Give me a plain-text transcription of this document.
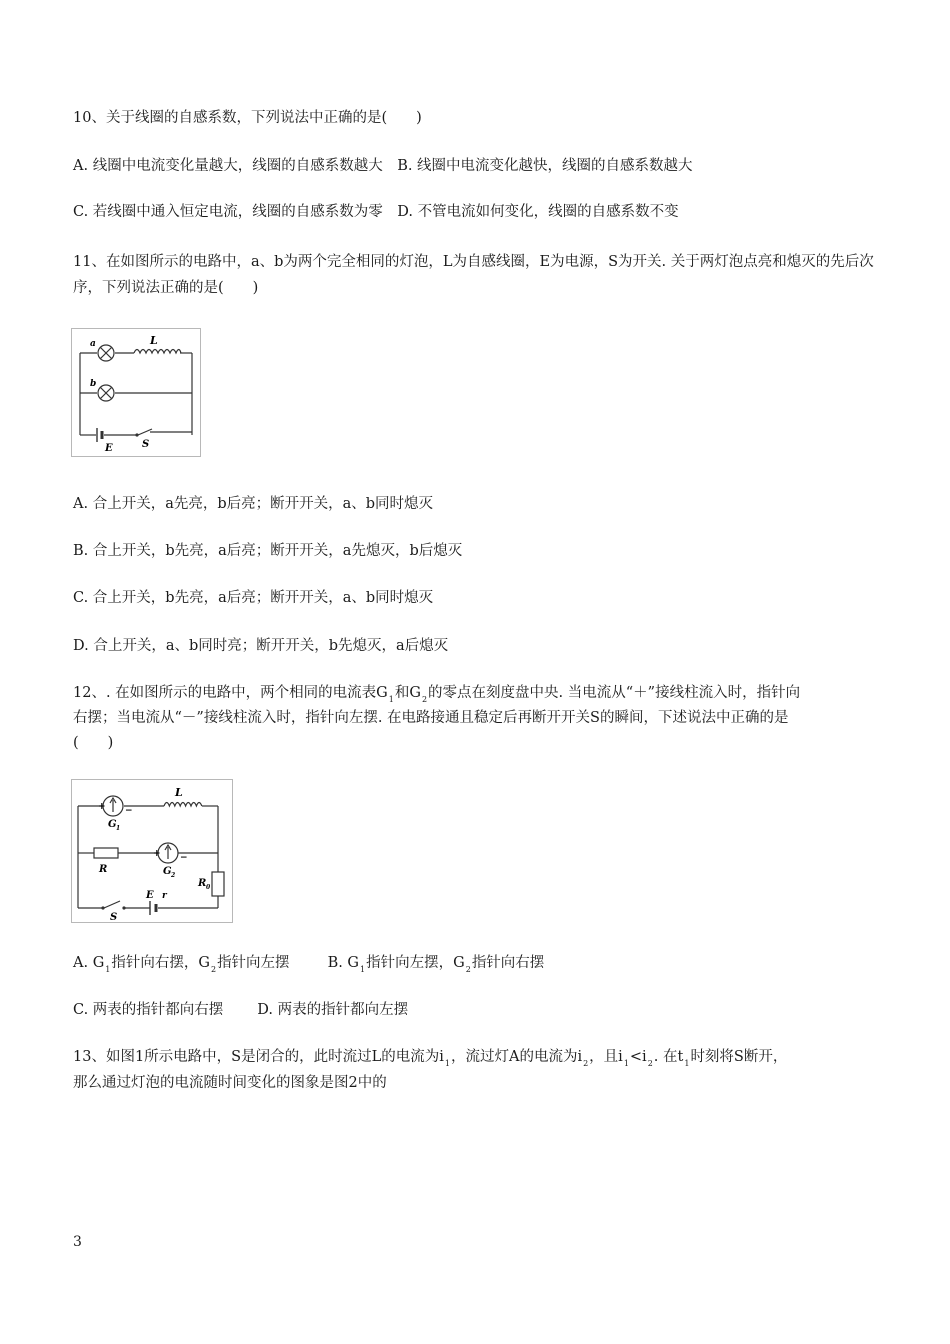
10、关于线圈的自感系数，下列说法中正确的是(　　)
A. 线圈中电流变化量越大，线圈的自感系数越大　B. 线圈中电流变化越快，线圈的自感系数越大
C. 若线圈中通入恒定电流，线圈的自感系数为零　D. 不管电流如何变化，线圈的自感系数不变
11、在如图所示的电路中，a、b为两个完全相同的灯泡，L为自感线圈，E为电源，S为开关. 关于两灯泡点亮和熄灭的先后次序，下列说法正确的是(　　)
a
b
L
E	S
A. 合上开关，a先亮，b后亮；断开开关，a、b同时熄灭
B. 合上开关，b先亮，a后亮；断开开关，a先熄灭，b后熄灭
C. 合上开关，b先亮，a后亮；断开开关，a、b同时熄灭
D. 合上开关，a、b同时亮；断开开关，b先熄灭，a后熄灭
12、. 在如图所示的电路中，两个相同的电流表$G_1$和$G_2$的零点在刻度盘中央. 当电流从“＋”接线柱流入时，指针向
右摆；当电流从“－”接线柱流入时，指针向左摆. 在电路接通且稳定后再断开开关S的瞬间，下述说法中正确的是
(　　)
L
+ −
G 1
+ −
G 2
R
R 0
E r
S
A. $G_1$指针向右摆，$G_2$指针向左摆	B. $G_1$指针向左摆，$G_2$指针向右摆
C. 两表的指针都向右摆 D. 两表的指针都向左摆
13、如图1所示电路中，S是闭合的，此时流过L的电流为$i_1$，流过灯A的电流为$i_2$，且$i_1<i_2$. 在$t_1$时刻将S断开，
那么通过灯泡的电流随时间变化的图象是图2中的
3
